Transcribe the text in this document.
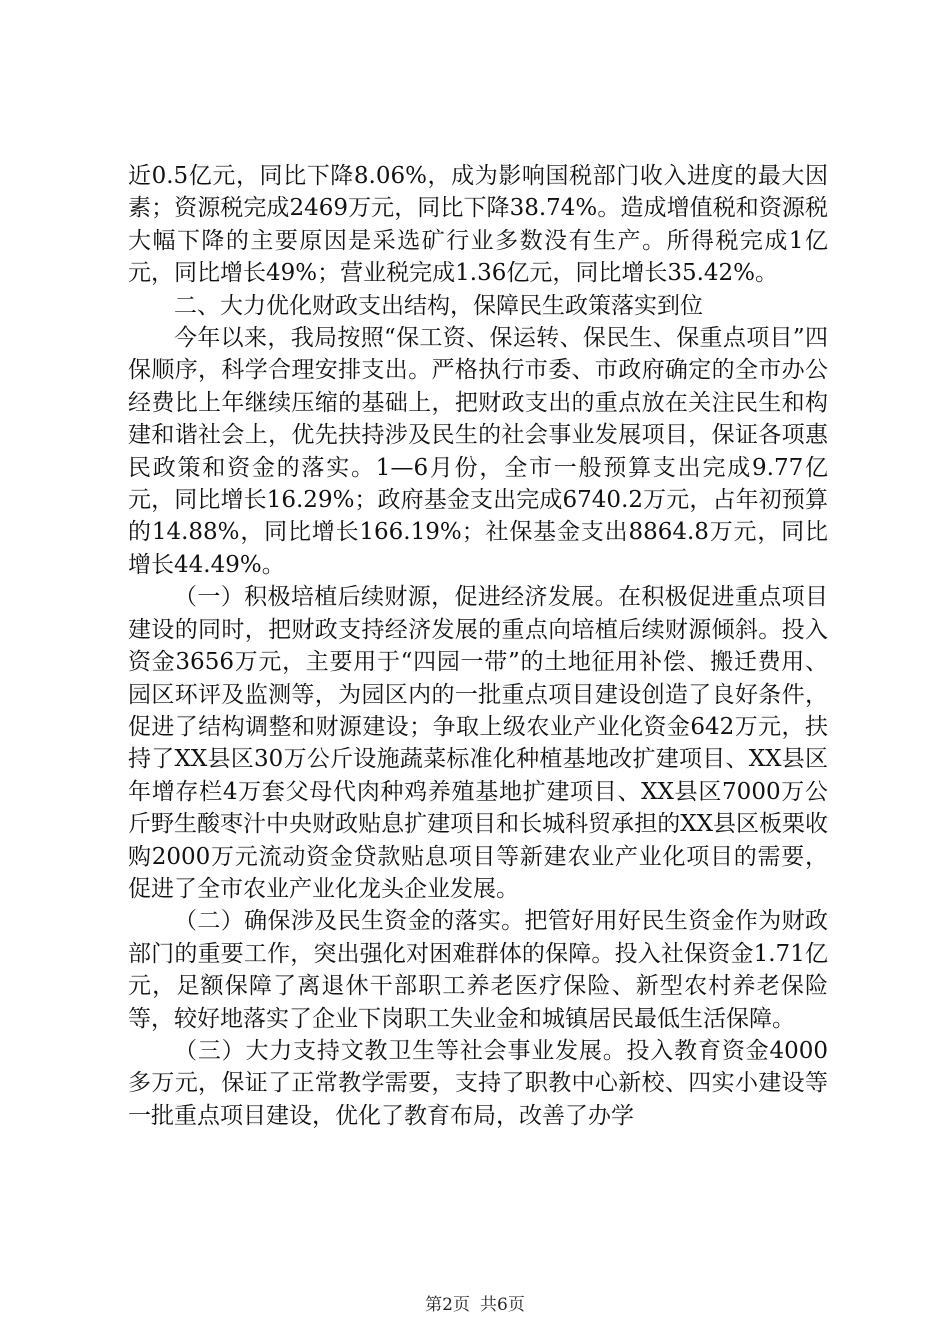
近0.5亿元，同比下降8.06%，成为影响国税部门收入进度的最大因素；资源税完成2469万元，同比下降38.74%。造成增值税和资源税大幅下降的主要原因是采选矿行业多数没有生产。所得税完成1亿元，同比增长49%；营业税完成1.36亿元，同比增长35.42%。

二、大力优化财政支出结构，保障民生政策落实到位

今年以来，我局按照“保工资、保运转、保民生、保重点项目”四保顺序，科学合理安排支出。严格执行市委、市政府确定的全市办公经费比上年继续压缩的基础上，把财政支出的重点放在关注民生和构建和谐社会上，优先扶持涉及民生的社会事业发展项目，保证各项惠民政策和资金的落实。1—6月份，全市一般预算支出完成9.77亿元，同比增长16.29%；政府基金支出完成6740.2万元，占年初预算的14.88%，同比增长166.19%；社保基金支出8864.8万元，同比增长44.49%。

（一）积极培植后续财源，促进经济发展。在积极促进重点项目建设的同时，把财政支持经济发展的重点向培植后续财源倾斜。投入资金3656万元，主要用于“四园一带”的土地征用补偿、搬迁费用、园区环评及监测等，为园区内的一批重点项目建设创造了良好条件，促进了结构调整和财源建设；争取上级农业产业化资金642万元，扶持了XX县区30万公斤设施蔬菜标准化种植基地改扩建项目、XX县区年增存栏4万套父母代肉种鸡养殖基地扩建项目、XX县区7000万公斤野生酸枣汁中央财政贴息扩建项目和长城科贸承担的XX县区板栗收购2000万元流动资金贷款贴息项目等新建农业产业化项目的需要，促进了全市农业产业化龙头企业发展。

（二）确保涉及民生资金的落实。把管好用好民生资金作为财政部门的重要工作，突出强化对困难群体的保障。投入社保资金1.71亿元，足额保障了离退休干部职工养老医疗保险、新型农村养老保险等，较好地落实了企业下岗职工失业金和城镇居民最低生活保障。

（三）大力支持文教卫生等社会事业发展。投入教育资金4000多万元，保证了正常教学需要，支持了职教中心新校、四实小建设等一批重点项目建设，优化了教育布局，改善了办学

第2页 共6页
